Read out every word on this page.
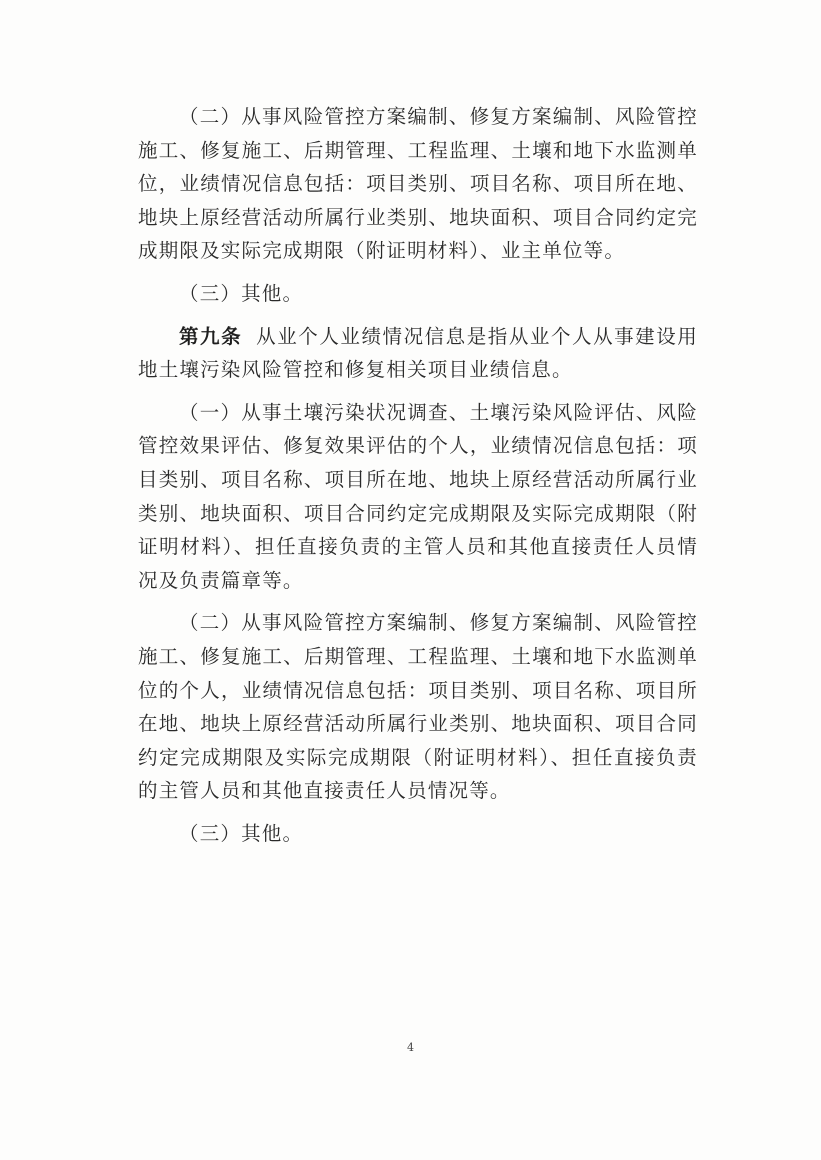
（二）从事风险管控方案编制、修复方案编制、风险管控施工、修复施工、后期管理、工程监理、土壤和地下水监测单位，业绩情况信息包括：项目类别、项目名称、项目所在地、地块上原经营活动所属行业类别、地块面积、项目合同约定完成期限及实际完成期限（附证明材料）、业主单位等。

（三）其他。

第九条 从业个人业绩情况信息是指从业个人从事建设用地土壤污染风险管控和修复相关项目业绩信息。

（一）从事土壤污染状况调查、土壤污染风险评估、风险管控效果评估、修复效果评估的个人，业绩情况信息包括：项目类别、项目名称、项目所在地、地块上原经营活动所属行业类别、地块面积、项目合同约定完成期限及实际完成期限（附证明材料）、担任直接负责的主管人员和其他直接责任人员情况及负责篇章等。

（二）从事风险管控方案编制、修复方案编制、风险管控施工、修复施工、后期管理、工程监理、土壤和地下水监测单位的个人，业绩情况信息包括：项目类别、项目名称、项目所在地、地块上原经营活动所属行业类别、地块面积、项目合同约定完成期限及实际完成期限（附证明材料）、担任直接负责的主管人员和其他直接责任人员情况等。

（三）其他。

4
